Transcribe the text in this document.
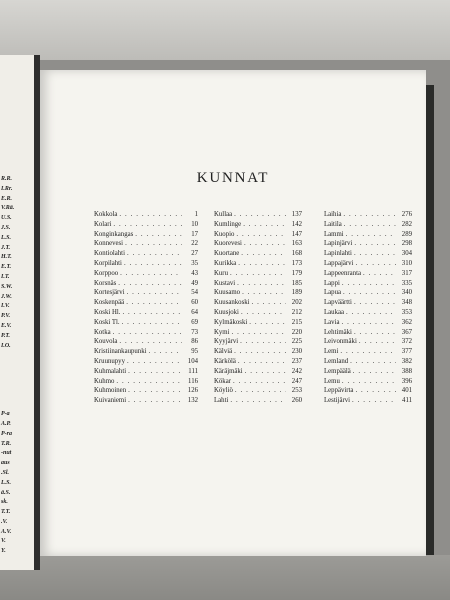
R.R.
I.Rr.
E.R.
V.Rä.
U.S.
J.S.
L.S.
J.T.
H.T.
E.T.
I.T.
S.W.
J.W.
I.V.
P.V.
E.V.
P.T.
I.O.

P-a
A.P.
P-ra
T.R.
-nut
aus
.Sl.
L.S.
ä.S.
sk.
T.T.
.V.
A.V.
V.
Y.
KUNNAT
Kokkola . . .	1
Kolari . . .	10
Konginkangas . . .	17
Konnevesi . . .	22
Kontiolahti . . .	27
Korpilahti . . .	35
Korppoo . . .	43
Korsnäs . . .	49
Kortesjärvi . . .	54
Koskenpää . . .	60
Koski Hl. . . .	64
Koski Tl. . . .	69
Kotka . . .	73
Kouvola . . .	86
Kristiinankaupunki . . .	95
Kruunupyy . . .	104
Kuhmalahti . . .	111
Kuhmo . . .	116
Kuhmoinen . . .	126
Kuivaniemi . . .	132
Kullaa . . .	137
Kumlinge . . .	142
Kuopio . . .	147
Kuorevesi . . .	163
Kuortane . . .	168
Kurikka . . .	173
Kuru . . .	179
Kustavi . . .	185
Kuusamo . . .	189
Kuusankoski . . .	202
Kuusjoki . . .	212
Kylmäkoski . . .	215
Kymi . . .	220
Kyyjärvi . . .	225
Kälviä . . .	230
Kärkölä . . .	237
Käräjmäki . . .	242
Kökar . . .	247
Köyliö . . .	253
Lahti . . .	260
Laihia . . .	276
Laitila . . .	282
Lammi . . .	289
Lapinjärvi . . .	298
Lapinlahti . . .	304
Lappajärvi . . .	310
Lappeenranta . . .	317
Lappi . . .	335
Lapua . . .	340
Lapväärtti . . .	348
Laukaa . . .	353
Lavia . . .	362
Lehtimäki . . .	367
Leivonmäki . . .	372
Lemi . . .	377
Lemland . . .	382
Lempäälä . . .	388
Lemu . . .	396
Leppävirta . . .	401
Lestijärvi . . .	411
